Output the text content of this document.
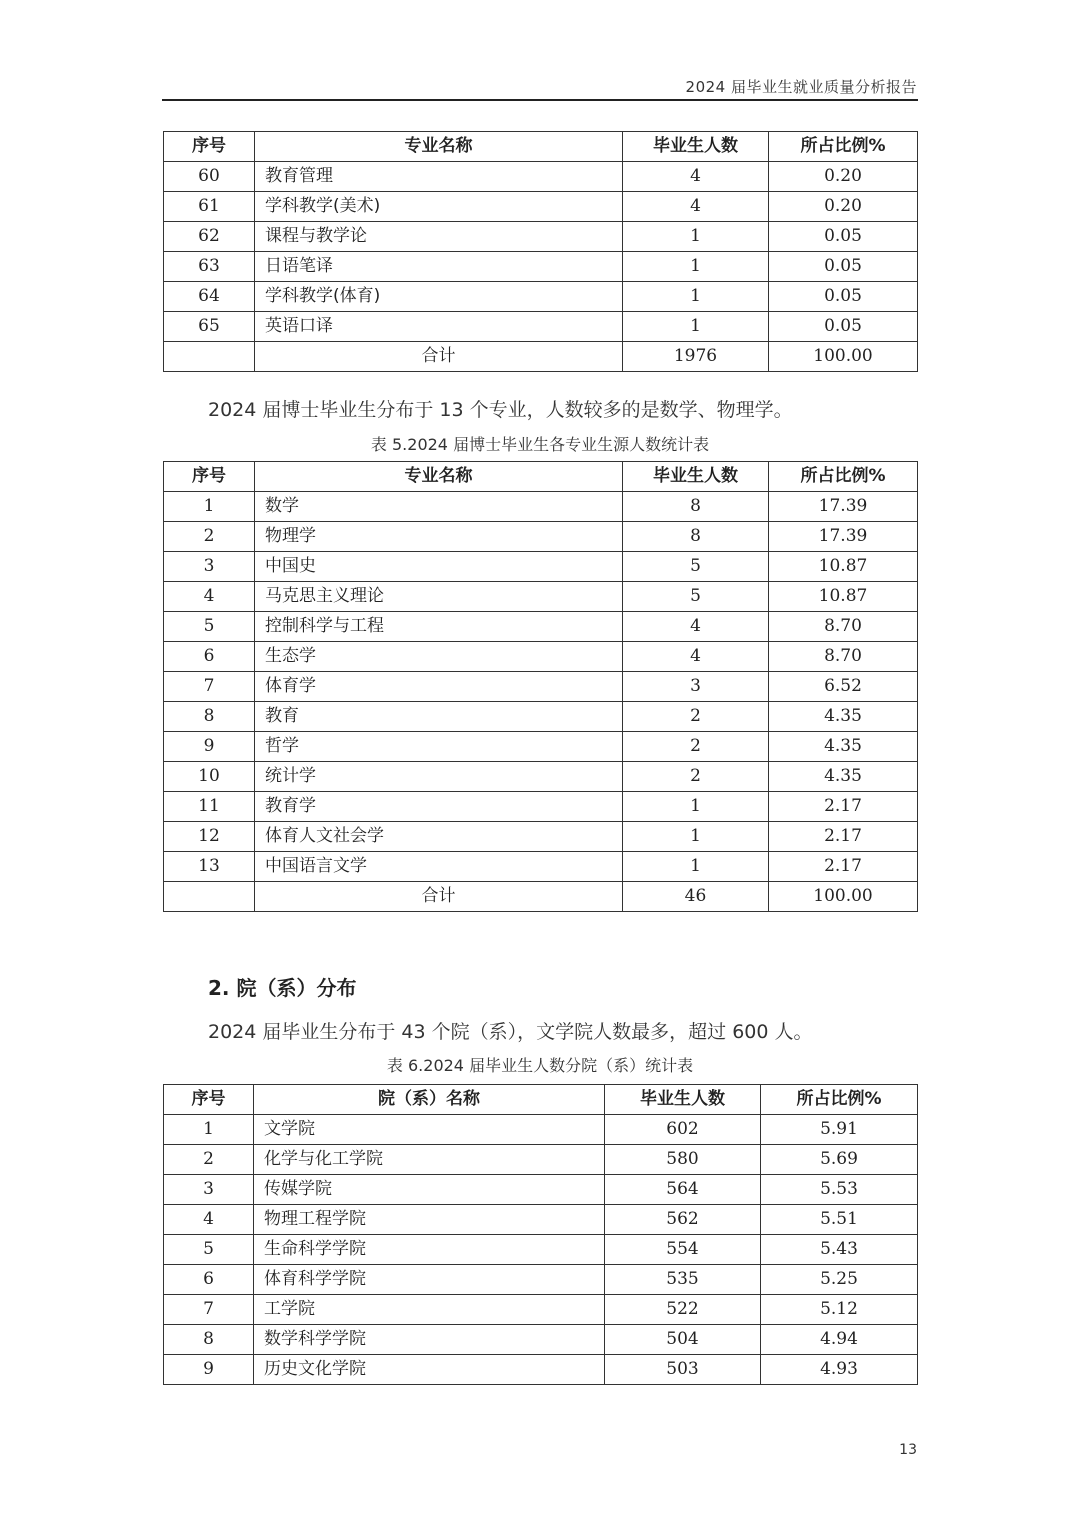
2024 届毕业生就业质量分析报告
序号	专业名称	毕业生人数	所占比例%
60	教育管理	4	0.20
61	学科教学(美术)	4	0.20
62	课程与教学论	1	0.05
63	日语笔译	1	0.05
64	学科教学(体育)	1	0.05
65	英语口译	1	0.05
	合计	1976	100.00
2024 届博士毕业生分布于 13 个专业，人数较多的是数学、物理学。
表 5.2024 届博士毕业生各专业生源人数统计表
序号	专业名称	毕业生人数	所占比例%
1	数学	8	17.39
2	物理学	8	17.39
3	中国史	5	10.87
4	马克思主义理论	5	10.87
5	控制科学与工程	4	8.70
6	生态学	4	8.70
7	体育学	3	6.52
8	教育	2	4.35
9	哲学	2	4.35
10	统计学	2	4.35
11	教育学	1	2.17
12	体育人文社会学	1	2.17
13	中国语言文学	1	2.17
	合计	46	100.00
2. 院（系）分布
2024 届毕业生分布于 43 个院（系），文学院人数最多，超过 600 人。
表 6.2024 届毕业生人数分院（系）统计表
序号	院（系）名称	毕业生人数	所占比例%
1	文学院	602	5.91
2	化学与化工学院	580	5.69
3	传媒学院	564	5.53
4	物理工程学院	562	5.51
5	生命科学学院	554	5.43
6	体育科学学院	535	5.25
7	工学院	522	5.12
8	数学科学学院	504	4.94
9	历史文化学院	503	4.93
13
